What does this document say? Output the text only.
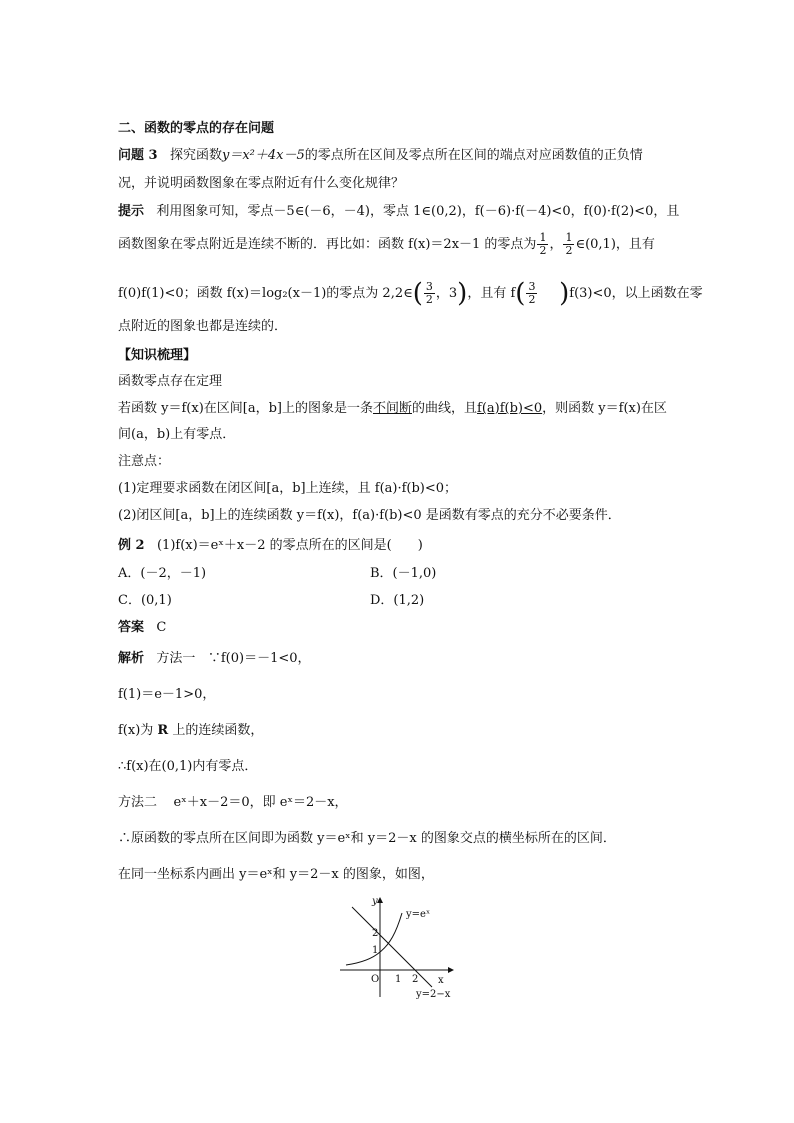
二、函数的零点的存在问题
问题 3 探究函数y＝x²＋4x－5的零点所在区间及零点所在区间的端点对应函数值的正负情
况，并说明函数图象在零点附近有什么变化规律？
提示 利用图象可知，零点－5∈(－6，－4)，零点 1∈(0,2)，f(－6)·f(－4)<0，f(0)·f(2)<0，且
函数图象在零点附近是连续不断的．再比如：函数 f(x)＝2x－1 的零点为 $\frac{1}{2}$ ， $\frac{1}{2}$ ∈(0,1)，且有
f(0)f(1)<0；函数 f(x)＝log₂(x－1)的零点为 2,2∈( $\frac{3}{2}$ ，3)，且有 $f( \frac{3}{2} )f(3)<0$，以上函数在零
点附近的图象也都是连续的．
【知识梳理】
函数零点存在定理
若函数 y＝f(x)在区间[a，b]上的图象是一条不间断的曲线，且f(a)f(b)<0，则函数 y＝f(x)在区
间(a，b)上有零点．
注意点：
(1)定理要求函数在闭区间[a，b]上连续，且 f(a)·f(b)<0；
(2)闭区间[a，b]上的连续函数 y＝f(x)，f(a)·f(b)<0 是函数有零点的充分不必要条件．
例 2 (1)f(x)＝eˣ＋x－2 的零点所在的区间是(　　)
A．(－2，－1)	B．(－1,0)
C．(0,1)	D．(1,2)
答案 C
解析 方法一 ∵f(0)＝－1<0，
f(1)＝e－1>0，
f(x)为 R 上的连续函数，
∴f(x)在(0,1)内有零点．
方法二 eˣ＋x－2＝0，即 eˣ＝2－x，
∴原函数的零点所在区间即为函数 y＝eˣ和 y＝2－x 的图象交点的横坐标所在的区间．
在同一坐标系内画出 y＝eˣ和 y＝2－x 的图象，如图，
y
x
O 1 2
1
2
y=eˣ
y=2−x
